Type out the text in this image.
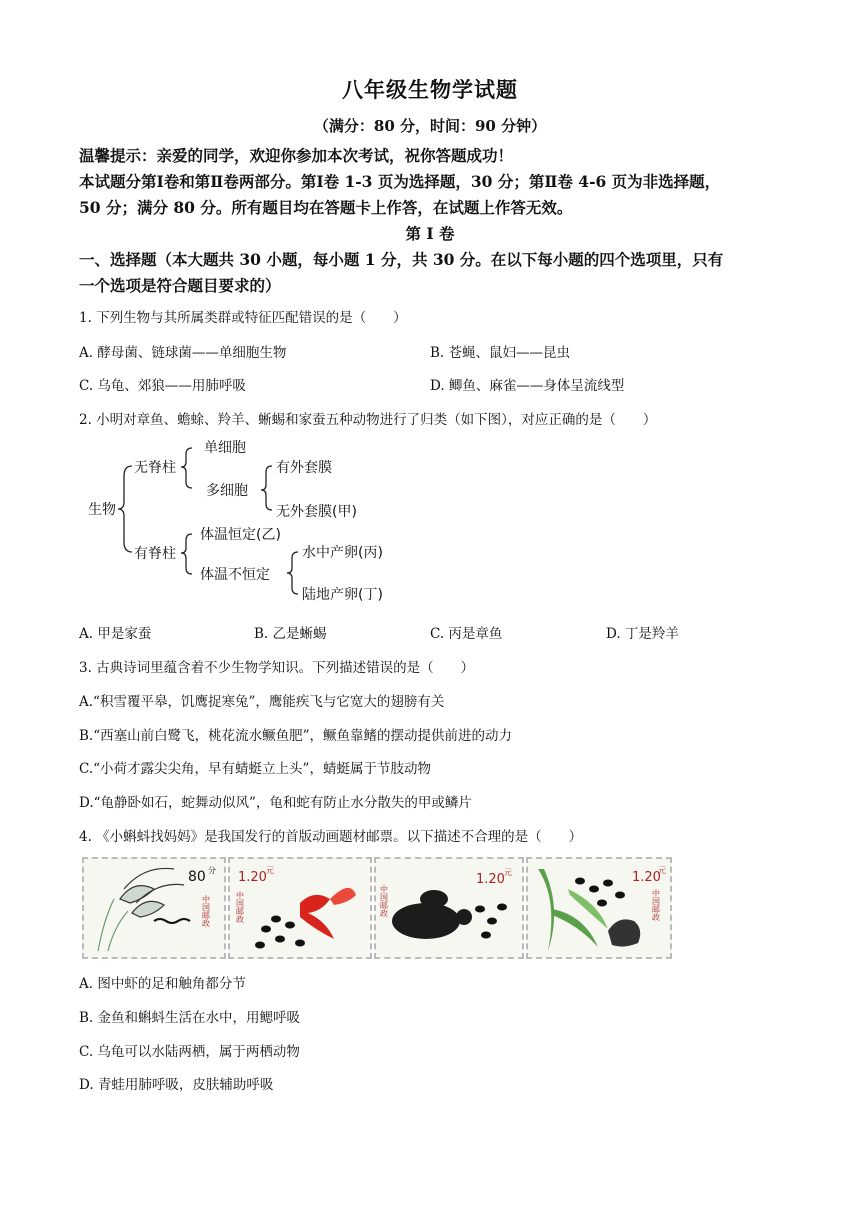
八年级生物学试题
（满分：80 分，时间：90 分钟）
温馨提示：亲爱的同学，欢迎你参加本次考试，祝你答题成功！
本试题分第Ⅰ卷和第Ⅱ卷两部分。第Ⅰ卷 1-3 页为选择题，30 分；第Ⅱ卷 4-6 页为非选择题，
50 分；满分 80 分。所有题目均在答题卡上作答，在试题上作答无效。
第 I 卷
一、选择题（本大题共 30 小题，每小题 1 分，共 30 分。在以下每小题的四个选项里，只有
一个选项是符合题目要求的）
1. 下列生物与其所属类群或特征匹配错误的是（　　）
A. 酵母菌、链球菌——单细胞生物	B. 苍蝇、鼠妇——昆虫
C. 乌龟、郊狼——用肺呼吸	D. 鲫鱼、麻雀——身体呈流线型
2. 小明对章鱼、蟾蜍、羚羊、蜥蜴和家蚕五种动物进行了归类（如下图），对应正确的是（　　）
生物
无脊柱
单细胞
多细胞
有外套膜
无外套膜(甲)
有脊柱
体温恒定(乙)
体温不恒定
水中产卵(丙)
陆地产卵(丁)
A. 甲是家蚕	B. 乙是蜥蜴	C. 丙是章鱼	D. 丁是羚羊
3. 古典诗词里蕴含着不少生物学知识。下列描述错误的是（　　）
A.“积雪覆平皋，饥鹰捉寒兔”，鹰能疾飞与它宽大的翅膀有关
B.“西塞山前白鹭飞，桃花流水鳜鱼肥”，鳜鱼靠鳍的摆动提供前进的动力
C.“小荷才露尖尖角，早有蜻蜓立上头”，蜻蜓属于节肢动物
D.“龟静卧如石，蛇舞动似风”，龟和蛇有防止水分散失的甲或鳞片
4. 《小蝌蚪找妈妈》是我国发行的首版动画题材邮票。以下描述不合理的是（　　）
80 分
中国邮政
1.20 元
中国邮政	中国邮政
1.20 元	1.20
元
中国邮政
A. 图中虾的足和触角都分节
B. 金鱼和蝌蚪生活在水中，用鳃呼吸
C. 乌龟可以水陆两栖，属于两栖动物
D. 青蛙用肺呼吸，皮肤辅助呼吸
